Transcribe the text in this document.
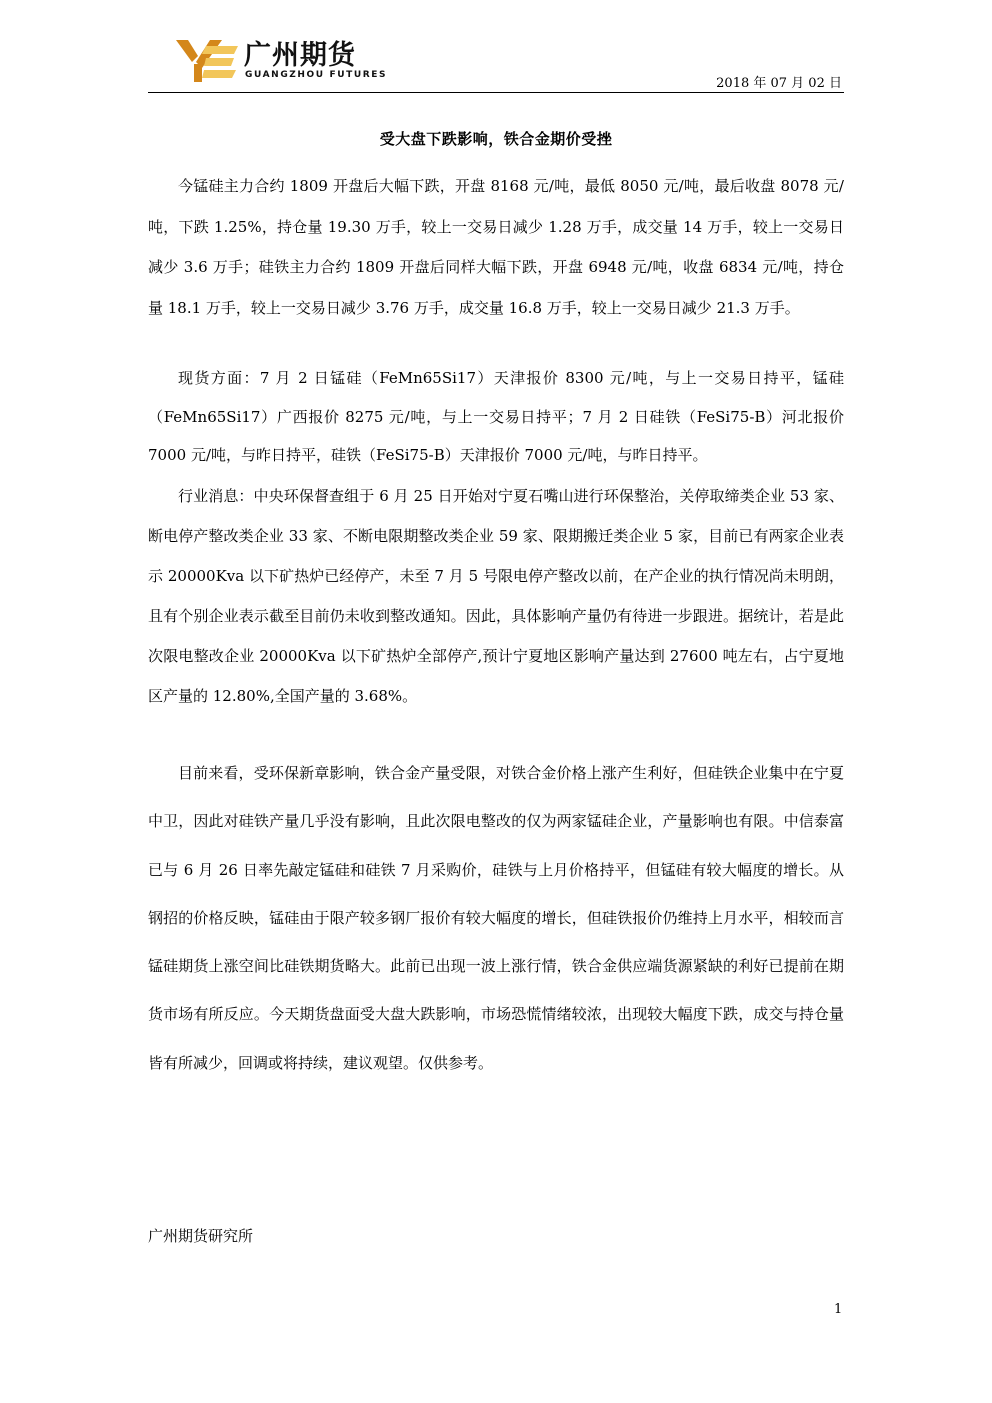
广州期货
GUANGZHOU FUTURES
2018 年 07 月 02 日
受大盘下跌影响，铁合金期价受挫

今锰硅主力合约 1809 开盘后大幅下跌，开盘 8168 元/吨，最低 8050 元/吨，最后收盘 8078 元/吨，下跌 1.25%，持仓量 19.30 万手，较上一交易日减少 1.28 万手，成交量 14 万手，较上一交易日减少 3.6 万手；硅铁主力合约 1809 开盘后同样大幅下跌，开盘 6948 元/吨，收盘 6834 元/吨，持仓量 18.1 万手，较上一交易日减少 3.76 万手，成交量 16.8 万手，较上一交易日减少 21.3 万手。

现货方面：7 月 2 日锰硅（FeMn65Si17）天津报价 8300 元/吨，与上一交易日持平，锰硅（FeMn65Si17）广西报价 8275 元/吨，与上一交易日持平；7 月 2 日硅铁（FeSi75-B）河北报价 7000 元/吨，与昨日持平，硅铁（FeSi75-B）天津报价 7000 元/吨，与昨日持平。

行业消息：中央环保督查组于 6 月 25 日开始对宁夏石嘴山进行环保整治，关停取缔类企业 53 家、断电停产整改类企业 33 家、不断电限期整改类企业 59 家、限期搬迁类企业 5 家，目前已有两家企业表示 20000Kva 以下矿热炉已经停产，未至 7 月 5 号限电停产整改以前，在产企业的执行情况尚未明朗，且有个别企业表示截至目前仍未收到整改通知。因此，具体影响产量仍有待进一步跟进。据统计，若是此次限电整改企业 20000Kva 以下矿热炉全部停产,预计宁夏地区影响产量达到 27600 吨左右，占宁夏地区产量的 12.80%,全国产量的 3.68%。

目前来看，受环保新章影响，铁合金产量受限，对铁合金价格上涨产生利好，但硅铁企业集中在宁夏中卫，因此对硅铁产量几乎没有影响，且此次限电整改的仅为两家锰硅企业，产量影响也有限。中信泰富已与 6 月 26 日率先敲定锰硅和硅铁 7 月采购价，硅铁与上月价格持平，但锰硅有较大幅度的增长。从钢招的价格反映，锰硅由于限产较多钢厂报价有较大幅度的增长，但硅铁报价仍维持上月水平，相较而言锰硅期货上涨空间比硅铁期货略大。此前已出现一波上涨行情，铁合金供应端货源紧缺的利好已提前在期货市场有所反应。今天期货盘面受大盘大跌影响，市场恐慌情绪较浓，出现较大幅度下跌，成交与持仓量皆有所减少，回调或将持续，建议观望。仅供参考。

广州期货研究所
1
